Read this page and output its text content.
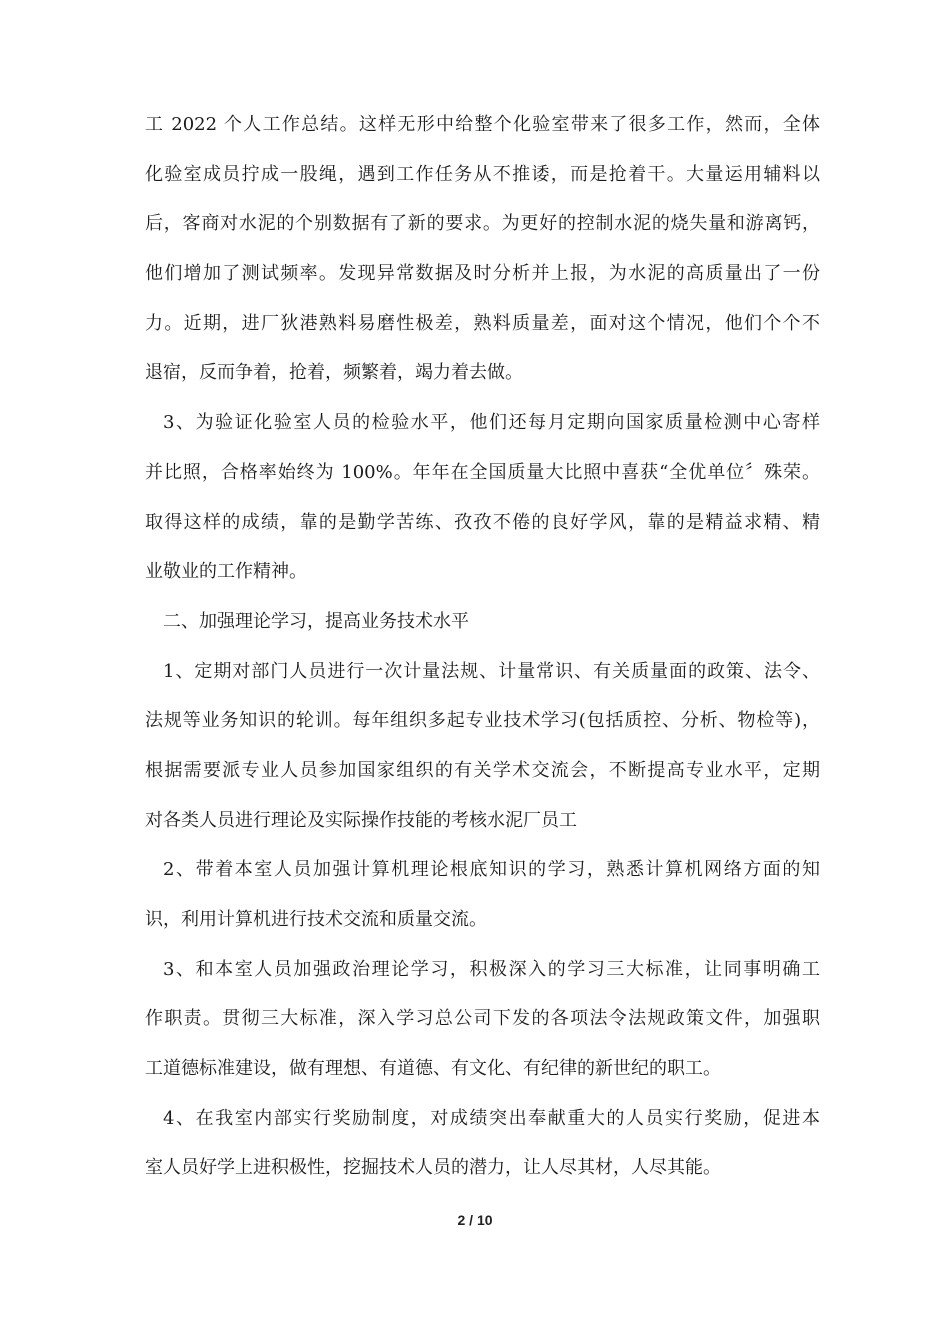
工 2022 个人工作总结。这样无形中给整个化验室带来了很多工作，然而，全体
化验室成员拧成一股绳，遇到工作任务从不推诿，而是抢着干。大量运用辅料以
后，客商对水泥的个别数据有了新的要求。为更好的控制水泥的烧失量和游离钙，
他们增加了测试频率。发现异常数据及时分析并上报，为水泥的高质量出了一份
力。近期，进厂狄港熟料易磨性极差，熟料质量差，面对这个情况，他们个个不
退宿，反而争着，抢着，频繁着，竭力着去做。
3、为验证化验室人员的检验水平，他们还每月定期向国家质量检测中心寄样
并比照，合格率始终为 100%。年年在全国质量大比照中喜获“全优单位〞殊荣。
取得这样的成绩，靠的是勤学苦练、孜孜不倦的良好学风，靠的是精益求精、精
业敬业的工作精神。
二、加强理论学习，提高业务技术水平
1、定期对部门人员进行一次计量法规、计量常识、有关质量面的政策、法令、
法规等业务知识的轮训。每年组织多起专业技术学习(包括质控、分析、物检等)，
根据需要派专业人员参加国家组织的有关学术交流会，不断提高专业水平，定期
对各类人员进行理论及实际操作技能的考核水泥厂员工
2、带着本室人员加强计算机理论根底知识的学习，熟悉计算机网络方面的知
识，利用计算机进行技术交流和质量交流。
3、和本室人员加强政治理论学习，积极深入的学习三大标准，让同事明确工
作职责。贯彻三大标准，深入学习总公司下发的各项法令法规政策文件，加强职
工道德标准建设，做有理想、有道德、有文化、有纪律的新世纪的职工。
4、在我室内部实行奖励制度，对成绩突出奉献重大的人员实行奖励，促进本
室人员好学上进积极性，挖掘技术人员的潜力，让人尽其材，人尽其能。
2 / 10
